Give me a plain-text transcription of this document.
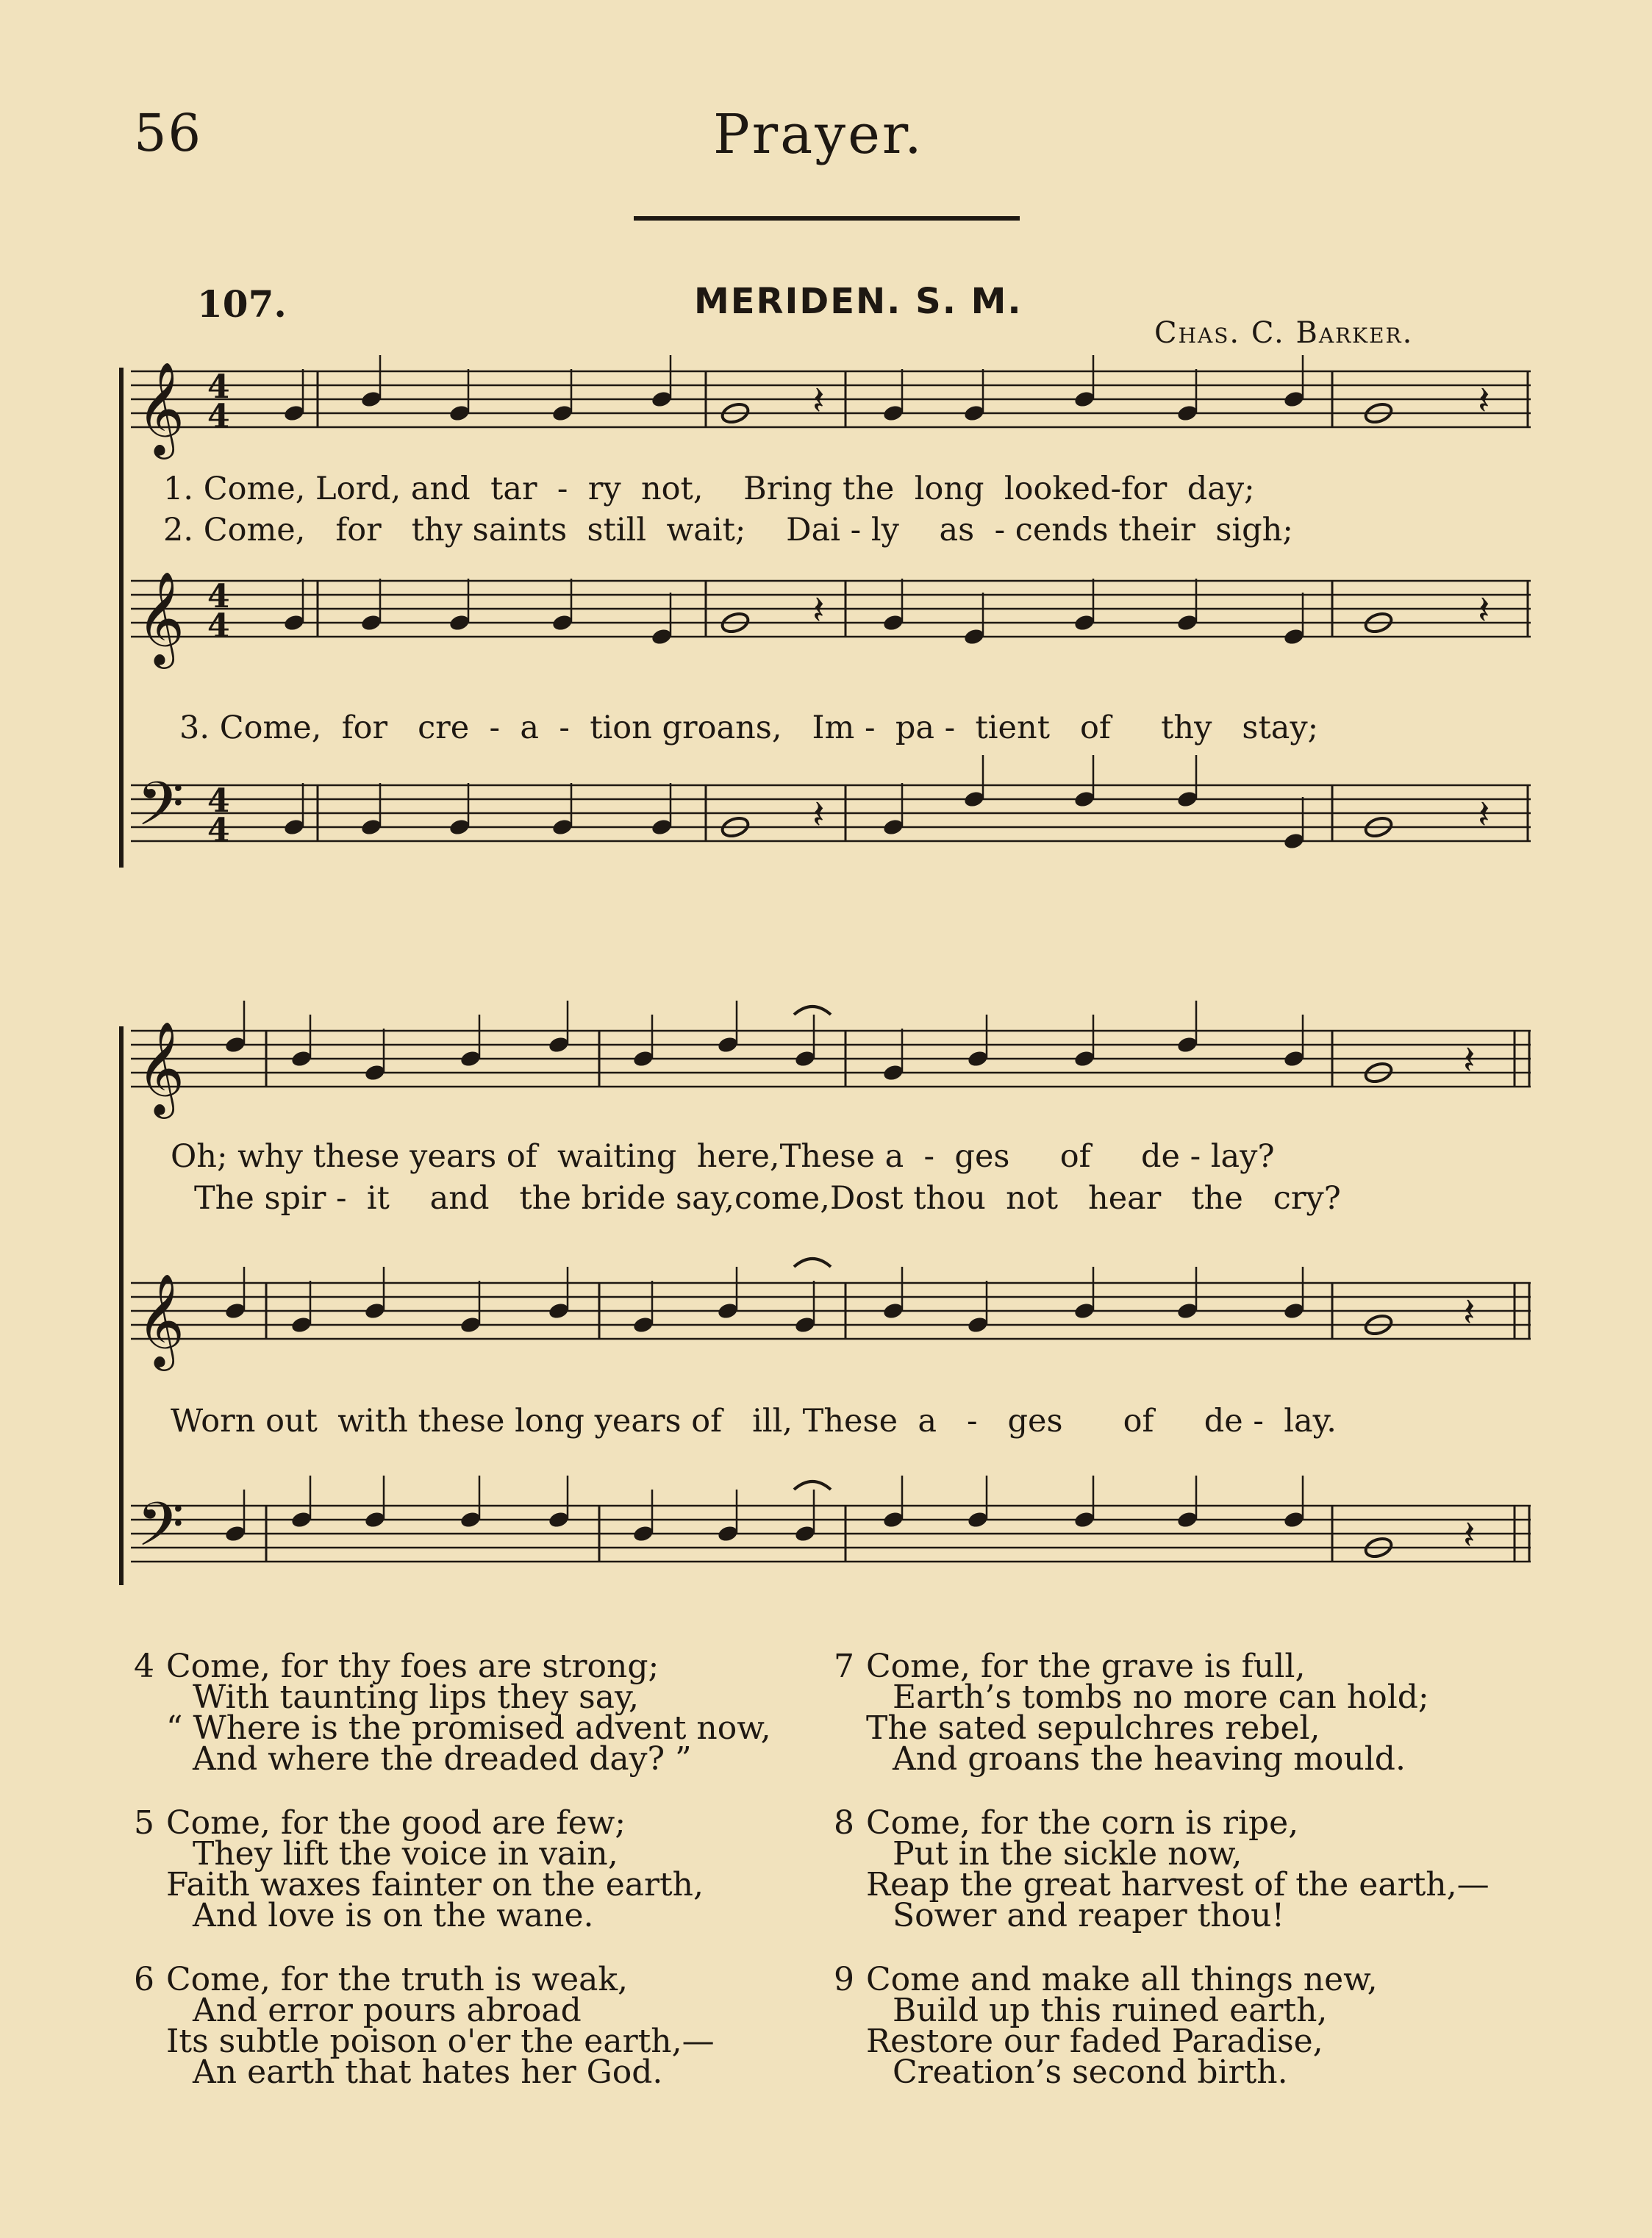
56	Prayer.
107.	MERIDEN. S. M.
Chas. C. Barker.
𝄞
𝄞
𝄢
𝄞
𝄞
𝄢
4
4
4
4
4
4
𝄽	𝄽
𝄽	𝄽
𝄽	𝄽
𝄽
𝄽
𝄽
1. Come, Lord, and  tar  -  ry  not,    Bring the  long  looked-for  day;
2. Come,   for   thy saints  still  wait;    Dai - ly    as  - cends their  sigh;
3. Come,  for   cre  -  a  -  tion groans,   Im -  pa -  tient   of     thy   stay;
Oh; why these years of  waiting  here,These a  -  ges     of     de - lay?
The spir -  it    and   the bride say,come,Dost thou  not   hear   the   cry?
Worn out  with these long years of   ill, These  a   -   ges      of     de -  lay.
4 Come, for thy foes are strong;
With taunting lips they say,
“ Where is the promised advent now,
And where the dreaded day? ”
5 Come, for the good are few;
They lift the voice in vain,
Faith waxes fainter on the earth,
And love is on the wane.
6 Come, for the truth is weak,
And error pours abroad
Its subtle poison o'er the earth,—
An earth that hates her God.
7 Come, for the grave is full,
Earth’s tombs no more can hold;
The sated sepulchres rebel,
And groans the heaving mould.
8 Come, for the corn is ripe,
Put in the sickle now,
Reap the great harvest of the earth,—
Sower and reaper thou!
9 Come and make all things new,
Build up this ruined earth,
Restore our faded Paradise,
Creation’s second birth.
